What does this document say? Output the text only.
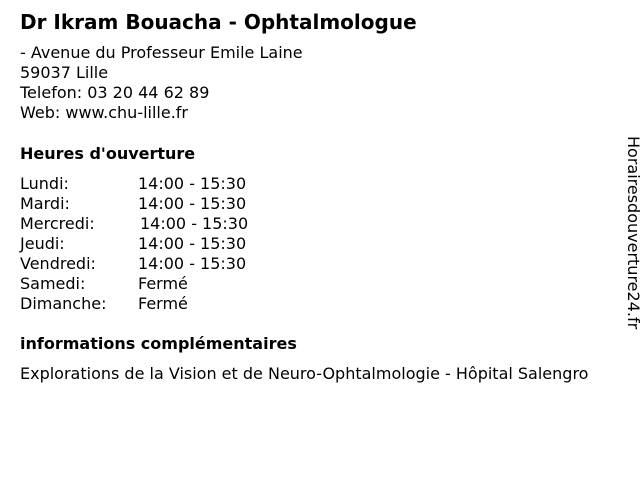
Dr Ikram Bouacha - Ophtalmologue
- Avenue du Professeur Emile Laine
59037 Lille
Telefon: 03 20 44 62 89
Web: www.chu-lille.fr
Heures d'ouverture
Lundi:	14:00 - 15:30
Mardi:	14:00 - 15:30
Mercredi:	14:00 - 15:30
Jeudi:	14:00 - 15:30
Vendredi:	14:00 - 15:30
Samedi:	Fermé
Dimanche: Fermé
informations complémentaires
Explorations de la Vision et de Neuro-Ophtalmologie - Hôpital Salengro
Horairesdouverture24.fr
